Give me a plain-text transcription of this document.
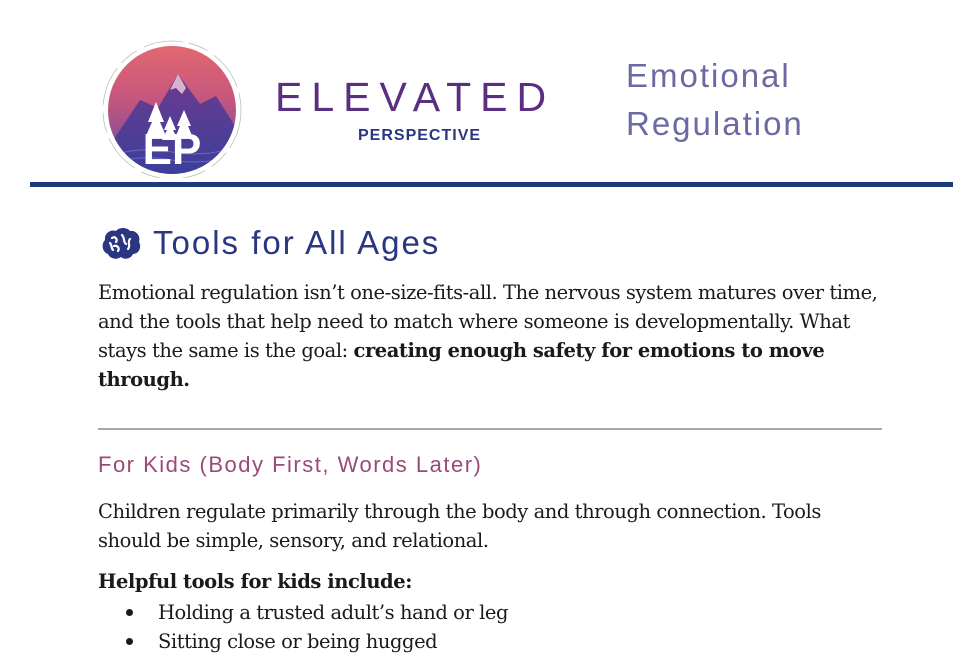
EP

ELEVATED

PERSPECTIVE

Emotional
Regulation
Tools for All Ages

Emotional regulation isn’t one-size-fits-all. The nervous system matures over time, and the tools that help need to match where someone is developmentally. What stays the same is the goal: creating enough safety for emotions to move through.

For Kids (Body First, Words Later)

Children regulate primarily through the body and through connection. Tools should be simple, sensory, and relational.

Helpful tools for kids include:

Holding a trusted adult’s hand or leg
Sitting close or being hugged
